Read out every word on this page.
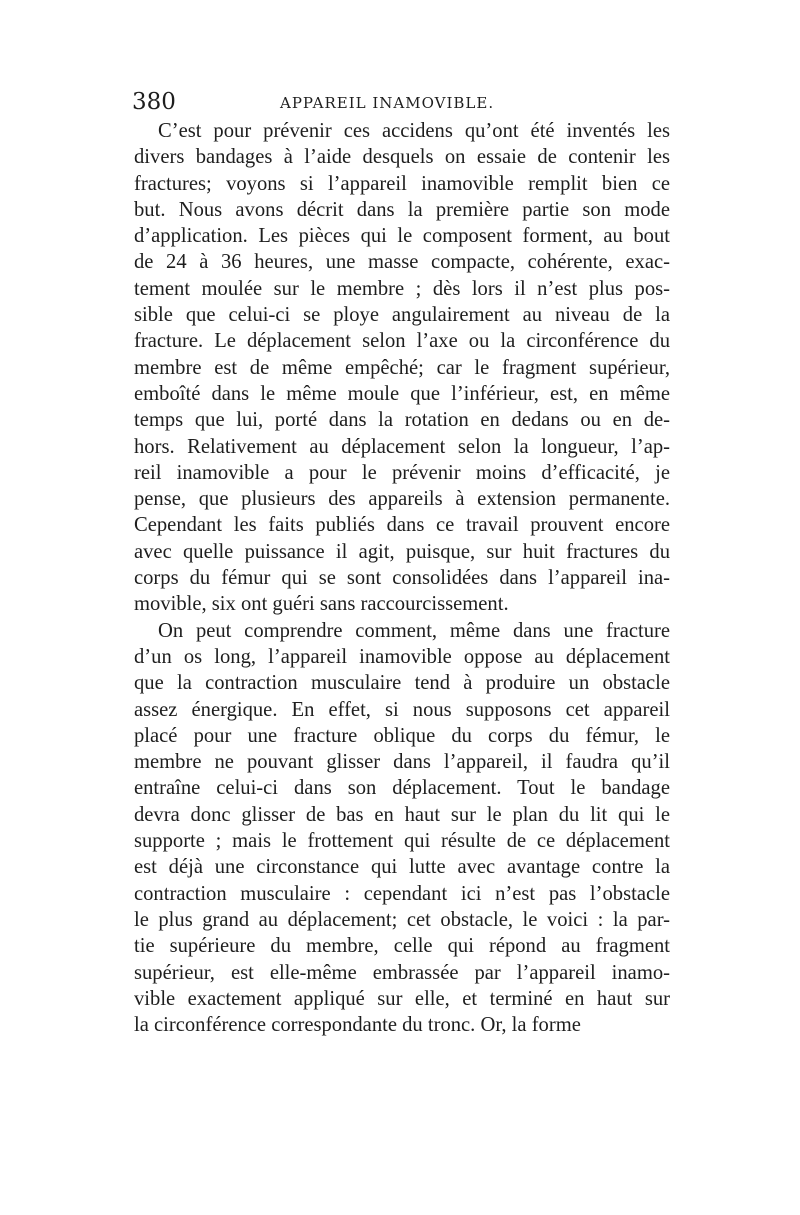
380	APPAREIL INAMOVIBLE.
C’est pour prévenir ces accidens qu’ont été inventés les
divers bandages à l’aide desquels on essaie de contenir les
fractures; voyons si l’appareil inamovible remplit bien ce
but. Nous avons décrit dans la première partie son mode
d’application. Les pièces qui le composent forment, au bout
de 24 à 36 heures, une masse compacte, cohérente, exac-
tement moulée sur le membre ; dès lors il n’est plus pos-
sible que celui-ci se ploye angulairement au niveau de la
fracture. Le déplacement selon l’axe ou la circonférence du
membre est de même empêché; car le fragment supérieur,
emboîté dans le même moule que l’inférieur, est, en même
temps que lui, porté dans la rotation en dedans ou en de-
hors. Relativement au déplacement selon la longueur, l’ap-
reil inamovible a pour le prévenir moins d’efficacité, je
pense, que plusieurs des appareils à extension permanente.
Cependant les faits publiés dans ce travail prouvent encore
avec quelle puissance il agit, puisque, sur huit fractures du
corps du fémur qui se sont consolidées dans l’appareil ina-
movible, six ont guéri sans raccourcissement.
On peut comprendre comment, même dans une fracture
d’un os long, l’appareil inamovible oppose au déplacement
que la contraction musculaire tend à produire un obstacle
assez énergique. En effet, si nous supposons cet appareil
placé pour une fracture oblique du corps du fémur, le
membre ne pouvant glisser dans l’appareil, il faudra qu’il
entraîne celui-ci dans son déplacement. Tout le bandage
devra donc glisser de bas en haut sur le plan du lit qui le
supporte ; mais le frottement qui résulte de ce déplacement
est déjà une circonstance qui lutte avec avantage contre la
contraction musculaire : cependant ici n’est pas l’obstacle
le plus grand au déplacement; cet obstacle, le voici : la par-
tie supérieure du membre, celle qui répond au fragment
supérieur, est elle-même embrassée par l’appareil inamo-
vible exactement appliqué sur elle, et terminé en haut sur
la circonférence correspondante du tronc. Or, la forme
